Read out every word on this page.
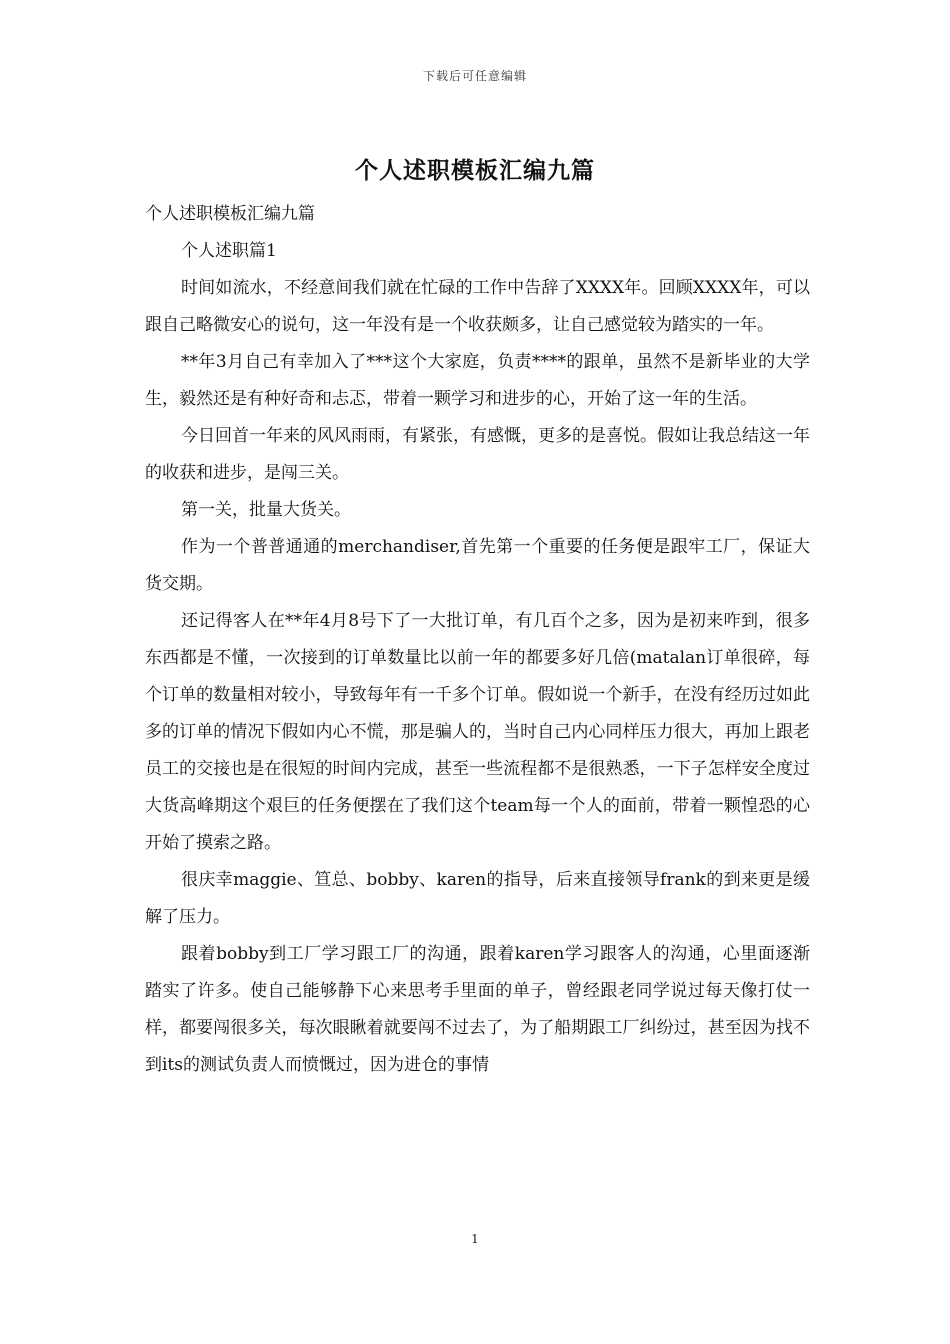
下载后可任意编辑
个人述职模板汇编九篇

个人述职模板汇编九篇

个人述职篇1

时间如流水，不经意间我们就在忙碌的工作中告辞了XXXX年。回顾XXXX年，可以跟自己略微安心的说句，这一年没有是一个收获颇多，让自己感觉较为踏实的一年。

**年3月自己有幸加入了***这个大家庭，负责****的跟单，虽然不是新毕业的大学生，毅然还是有种好奇和忐忑，带着一颗学习和进步的心，开始了这一年的生活。

今日回首一年来的风风雨雨，有紧张，有感慨，更多的是喜悦。假如让我总结这一年的收获和进步，是闯三关。

第一关，批量大货关。

作为一个普普通通的merchandiser,首先第一个重要的任务便是跟牢工厂，保证大货交期。

还记得客人在**年4月8号下了一大批订单，有几百个之多，因为是初来咋到，很多东西都是不懂，一次接到的订单数量比以前一年的都要多好几倍(matalan订单很碎，每个订单的数量相对较小，导致每年有一千多个订单。假如说一个新手，在没有经历过如此多的订单的情况下假如内心不慌，那是骗人的，当时自己内心同样压力很大，再加上跟老员工的交接也是在很短的时间内完成，甚至一些流程都不是很熟悉，一下子怎样安全度过大货高峰期这个艰巨的任务便摆在了我们这个team每一个人的面前，带着一颗惶恐的心开始了摸索之路。

很庆幸maggie、笪总、bobby、karen的指导，后来直接领导frank的到来更是缓解了压力。

跟着bobby到工厂学习跟工厂的沟通，跟着karen学习跟客人的沟通，心里面逐渐踏实了许多。使自己能够静下心来思考手里面的单子，曾经跟老同学说过每天像打仗一样，都要闯很多关，每次眼瞅着就要闯不过去了，为了船期跟工厂纠纷过，甚至因为找不到its的测试负责人而愤慨过，因为进仓的事情

1
